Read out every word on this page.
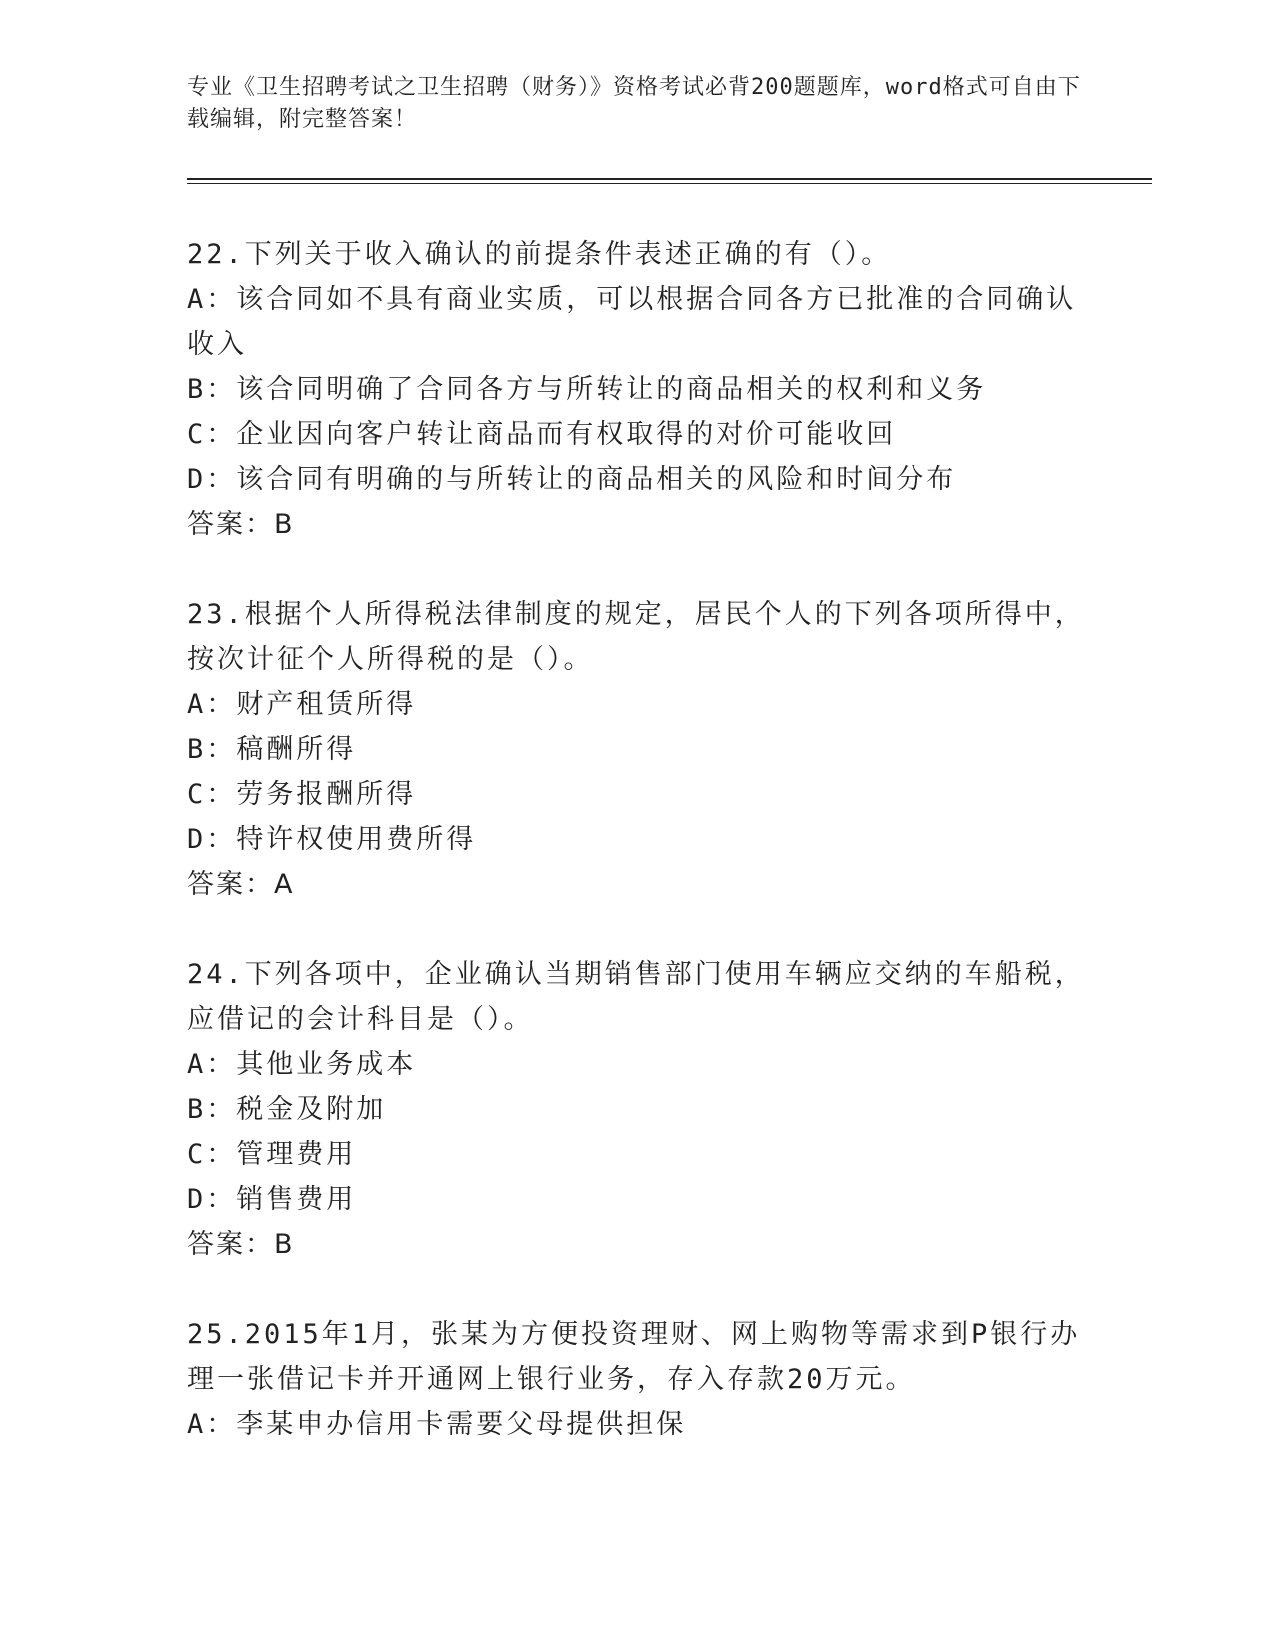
专业《卫生招聘考试之卫生招聘（财务）》资格考试必背200题题库，word格式可自由下载编辑，附完整答案！

22.下列关于收入确认的前提条件表述正确的有（）。

A：该合同如不具有商业实质，可以根据合同各方已批准的合同确认收入

B：该合同明确了合同各方与所转让的商品相关的权利和义务

C：企业因向客户转让商品而有权取得的对价可能收回

D：该合同有明确的与所转让的商品相关的风险和时间分布

答案：B

23.根据个人所得税法律制度的规定，居民个人的下列各项所得中，按次计征个人所得税的是（）。

A：财产租赁所得

B：稿酬所得

C：劳务报酬所得

D：特许权使用费所得

答案：A

24.下列各项中，企业确认当期销售部门使用车辆应交纳的车船税，应借记的会计科目是（）。

A：其他业务成本

B：税金及附加

C：管理费用

D：销售费用

答案：B

25.2015年1月，张某为方便投资理财、网上购物等需求到P银行办理一张借记卡并开通网上银行业务，存入存款20万元。

A：李某申办信用卡需要父母提供担保
